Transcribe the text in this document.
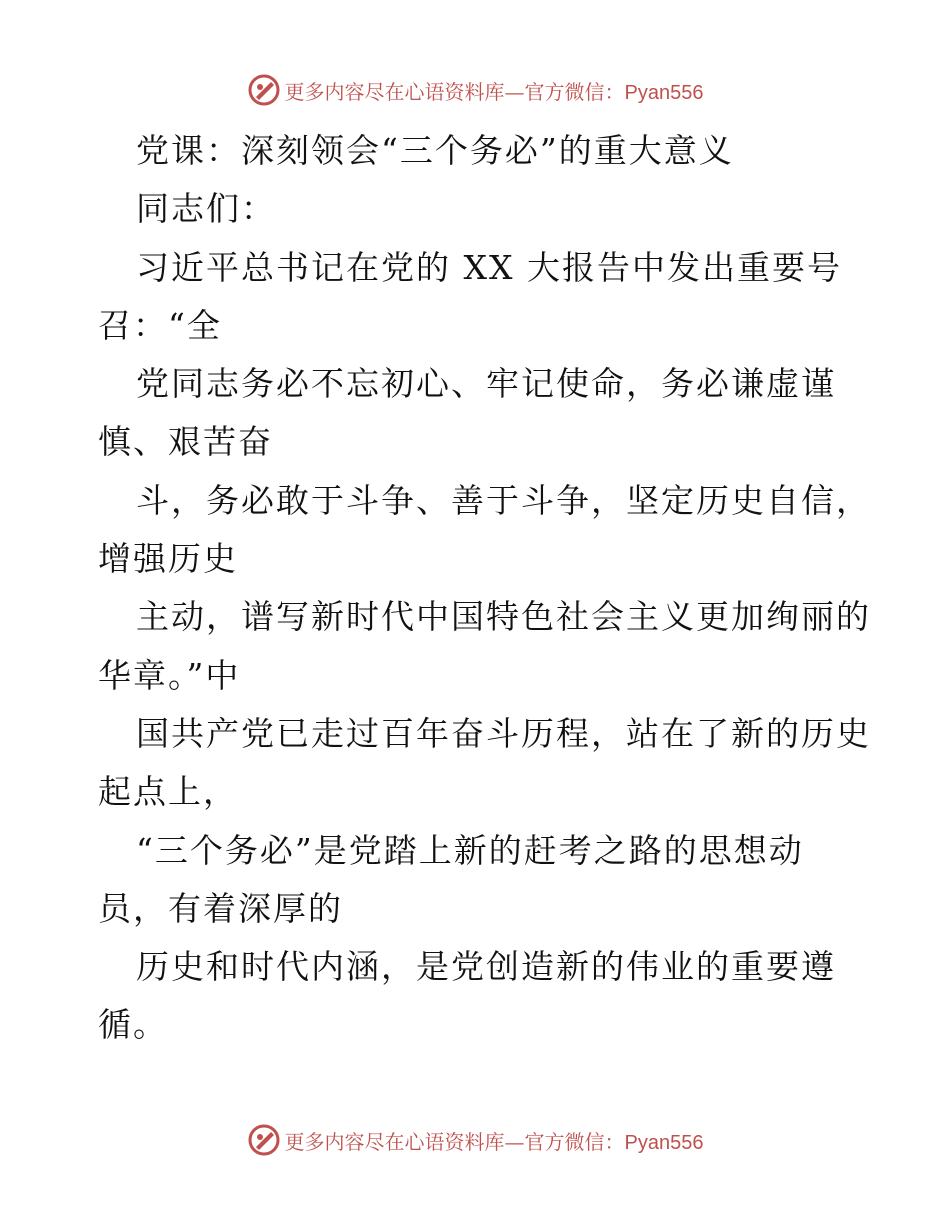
更多内容尽在心语资料库— 官方微信：Pyan556

党课：深刻领会“三个务必”的重大意义

同志们：

习近平总书记在党的 XX 大报告中发出重要号

召：“全

党同志务必不忘初心、牢记使命，务必谦虚谨

慎、艰苦奋

斗，务必敢于斗争、善于斗争，坚定历史自信，

增强历史

主动，谱写新时代中国特色社会主义更加绚丽的

华章。”中

国共产党已走过百年奋斗历程，站在了新的历史

起点上，

“三个务必”是党踏上新的赶考之路的思想动

员，有着深厚的

历史和时代内涵，是党创造新的伟业的重要遵

循。

更多内容尽在心语资料库— 官方微信：Pyan556
